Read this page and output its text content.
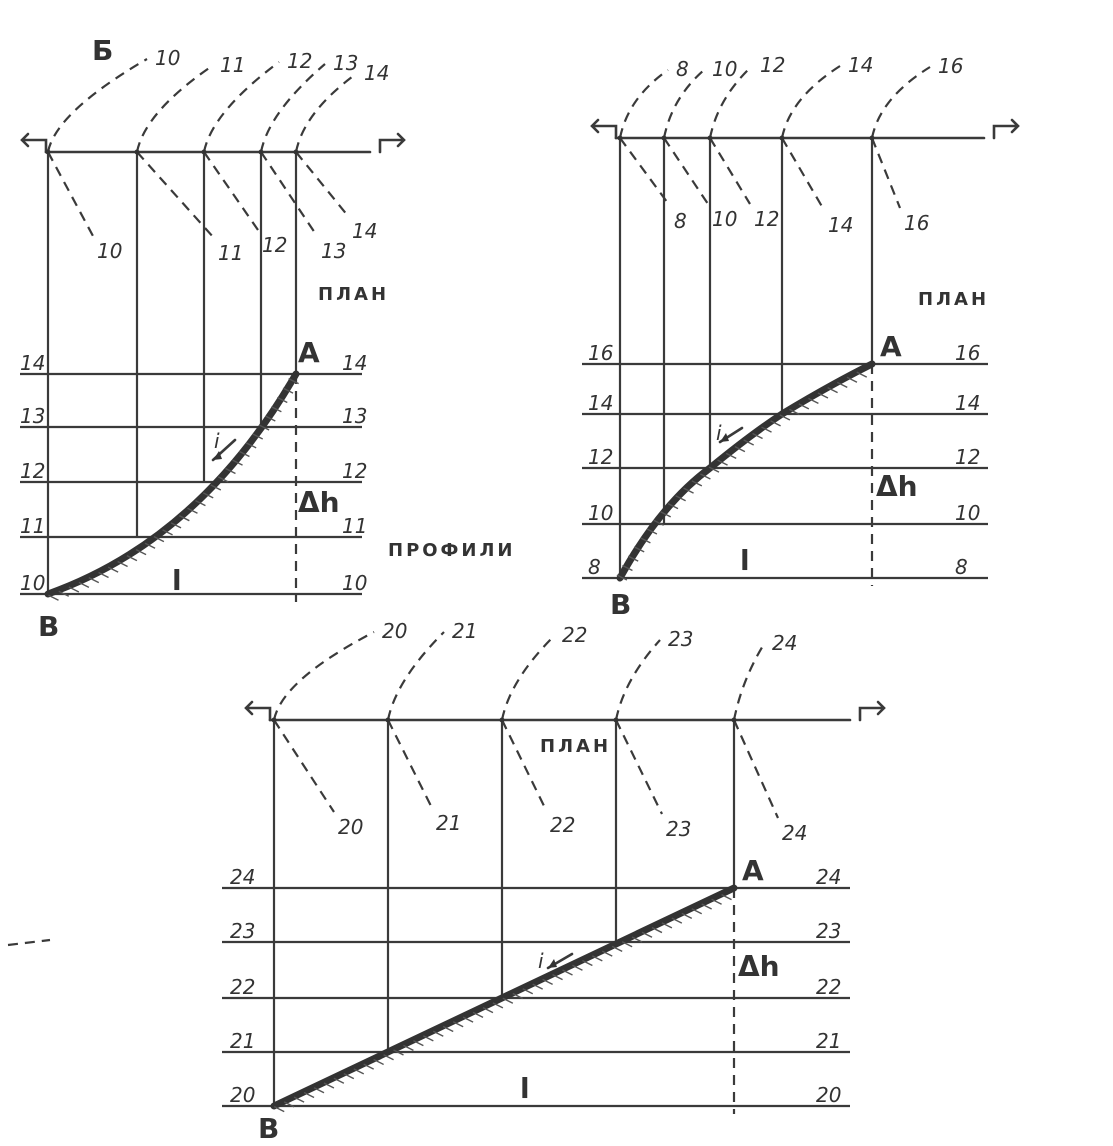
Б 10
10
11
11
12
12
13
13
14
14
14	14
13	13
12	12
11	11
10	10
A
B
l
Δh
i
ПЛАН
ПРОФИЛИ
8
8
10
10
12
12
14
14
16
16
16	16
14	14
12	12
10	10
8	8
A
B
l
Δh
i
ПЛАН
20
20
21
21
22
22
23
23
24
24
24	24
23	23
22	22
21	21
20	20
A
B
l
Δh
i
ПЛАН
